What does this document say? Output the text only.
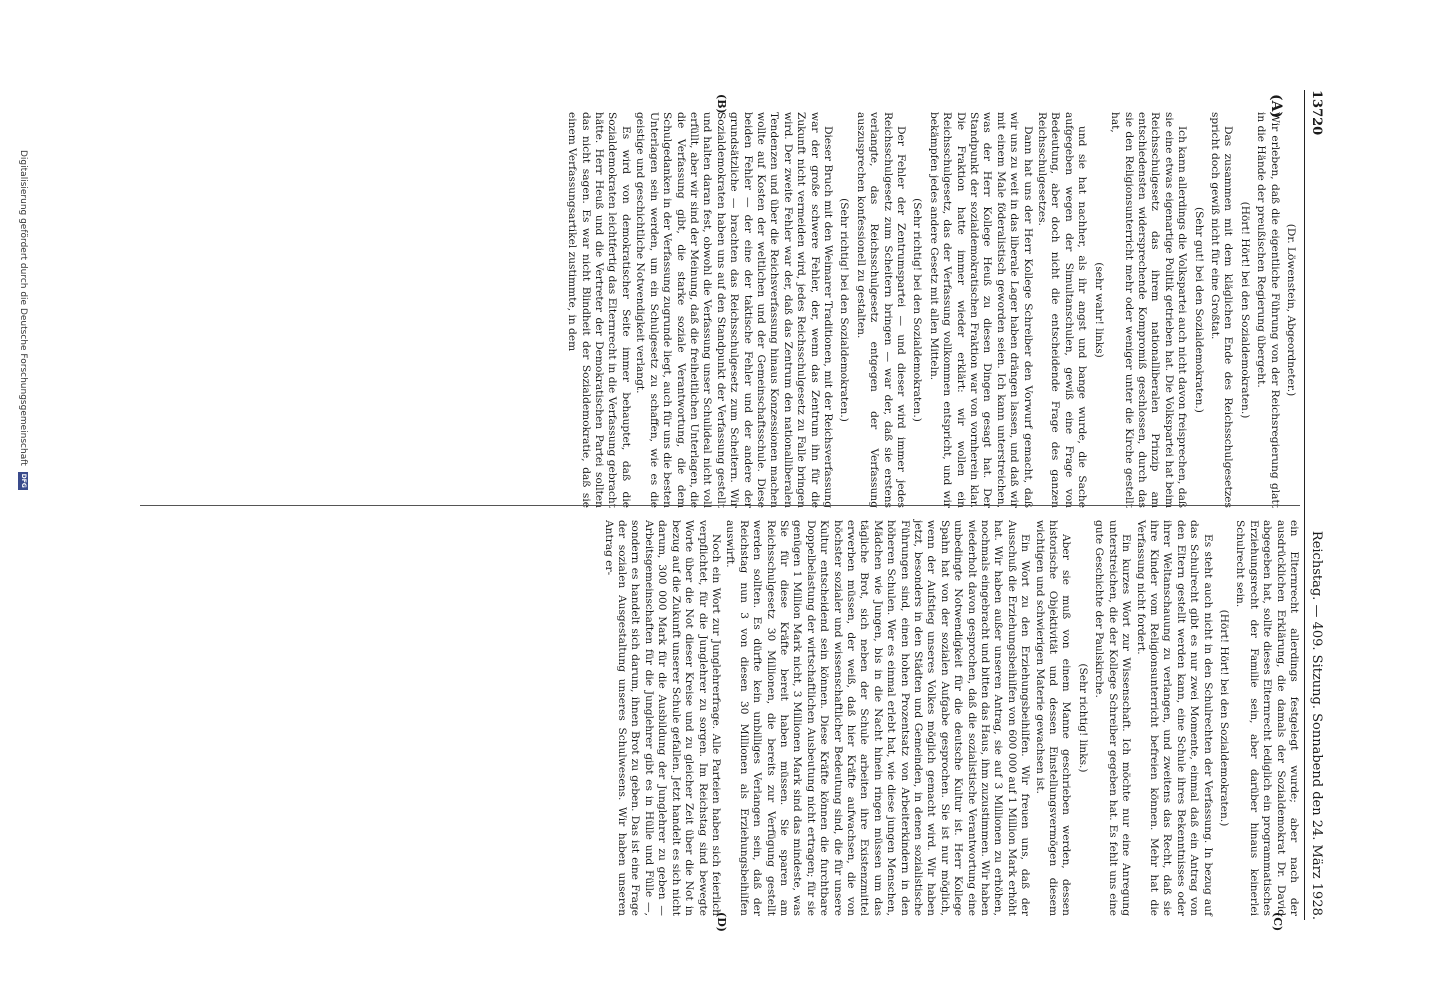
13720
Reichstag. — 409. Sitzung. Sonnabend den 24. März 1928.
(A)
(B)
(C)
(D)

(Dr. Löwenstein, Abgeordneter.)

Wir erleben, daß die eigentliche Führung von der Reichsregierung glatt in die Hände der preußischen Regierung übergeht.

(Hört! Hört! bei den Sozialdemokraten.)

Das zusammen mit dem kläglichen Ende des Reichsschulgesetzes spricht doch gewiß nicht für eine Großtat.

(Sehr gut! bei den Sozialdemokraten.)

Ich kann allerdings die Volkspartei auch nicht davon freisprechen, daß sie eine etwas eigenartige Politik getrieben hat. Die Volkspartei hat beim Reichsschulgesetz das ihrem nationalliberalen Prinzip am entschiedensten widersprechende Kompromiß geschlossen, durch das sie den Religionsunterricht mehr oder weniger unter die Kirche gestellt hat,

(sehr wahr! links)

und sie hat nachher, als ihr angst und bange wurde, die Sache aufgegeben wegen der Simultanschulen, gewiß eine Frage von Bedeutung, aber doch nicht die entscheidende Frage des ganzen Reichsschulgesetzes.

Dann hat uns der Herr Kollege Schreiber den Vorwurf gemacht, daß wir uns zu weit in das liberale Lager haben drängen lassen, und daß wir mit einem Male föderalistisch geworden seien. Ich kann unterstreichen, was der Herr Kollege Heuß zu diesen Dingen gesagt hat. Der Standpunkt der sozialdemokratischen Fraktion war von vornherein klar. Die Fraktion hatte immer wieder erklärt: wir wollen ein Reichsschulgesetz, das der Verfassung vollkommen entspricht, und wir bekämpfen jedes andere Gesetz mit allen Mitteln.

(Sehr richtig! bei den Sozialdemokraten.)

Der Fehler der Zentrumspartei — und dieser wird immer jedes Reichsschulgesetz zum Scheitern bringen — war der, daß sie erstens verlangte, das Reichsschulgesetz entgegen der Verfassung auszusprechen konfessionell zu gestalten.

(Sehr richtig! bei den Sozialdemokraten.)

Dieser Bruch mit den Weimarer Traditionen, mit der Reichsverfassung war der große schwere Fehler, der, wenn das Zentrum ihn für die Zukunft nicht vermeiden wird, jedes Reichsschulgesetz zu Falle bringen wird. Der zweite Fehler war der, daß das Zentrum den nationalliberalen Tendenzen und über die Reichsverfassung hinaus Konzessionen machen wollte auf Kosten der weltlichen und der Gemeinschaftsschule. Diese beiden Fehler — der eine der taktische Fehler und der andere der grundsätzliche — brachten das Reichsschulgesetz zum Scheitern. Wir Sozialdemokraten haben uns auf den Standpunkt der Verfassung gestellt und halten daran fest, obwohl die Verfassung unser Schulideal nicht voll erfüllt, aber wir sind der Meinung, daß die freiheitlichen Unterlagen, die die Verfassung gibt, die starke soziale Verantwortung, die dem Schulgedanken in der Verfassung zugrunde liegt, auch für uns die besten Unterlagen sein werden, um ein Schulgesetz zu schaffen, wie es die geistige und geschichtliche Notwendigkeit verlangt.

Es wird von demokratischer Seite immer behauptet, daß die Sozialdemokraten leichtfertig das Elternrecht in die Verfassung gebracht hätte. Herr Heuß und die Vertreter der Demokratischen Partei sollten das nicht sagen. Es war nicht Blindheit der Sozialdemokratie, daß sie einem Verfassungsartikel zustimmte, in dem

ein Elternrecht allerdings festgelegt wurde; aber nach der ausdrücklichen Erklärung, die damals der Sozialdemokrat Dr. David abgegeben hat, sollte dieses Elternrecht lediglich ein programmatisches Erziehungsrecht der Familie sein, aber darüber hinaus keinerlei Schulrecht sein.

(Hört! Hört! bei den Sozialdemokraten.)

Es steht auch nicht in den Schulrechten der Verfassung. In bezug auf das Schulrecht gibt es nur zwei Momente, einmal daß ein Antrag von den Eltern gestellt werden kann, eine Schule ihres Bekenntnisses oder ihrer Weltanschauung zu verlangen, und zweitens das Recht, daß sie ihre Kinder vom Religionsunterricht befreien können. Mehr hat die Verfassung nicht fordert.

Ein kurzes Wort zur Wissenschaft. Ich möchte nur eine Anregung unterstreichen, die der Kollege Schreiber gegeben hat. Es fehlt uns eine gute Geschichte der Paulskirche.

(Sehr richtig! links.)

Aber sie muß von einem Manne geschrieben werden, dessen historische Objektivität und dessen Einstellungsvermögen diesem wichtigen und schwierigen Materie gewachsen ist.

Ein Wort zu den Erziehungsbeihilfen. Wir freuen uns, daß der Ausschuß die Erziehungsbeihilfen von 600 000 auf 1 Million Mark erhöht hat. Wir haben außer unseren Antrag, sie auf 3 Millionen zu erhöhen, nochmals eingebracht und bitten das Haus, ihm zuzustimmen. Wir haben wiederholt davon gesprochen, daß die sozialistische Verantwortung eine unbedingte Notwendigkeit für die deutsche Kultur ist. Herr Kollege Spahn hat von der sozialen Aufgabe gesprochen. Sie ist nur möglich, wenn der Aufstieg unseres Volkes möglich gemacht wird. Wir haben jetzt, besonders in den Städten und Gemeinden, in denen sozialistische Führungen sind, einen hohen Prozentsatz von Arbeiterkindern in den höheren Schulen. Wer es einmal erlebt hat, wie diese jungen Menschen, Mädchen wie Jungen, bis in die Nacht hinein ringen müssen um das tägliche Brot, sich neben der Schule arbeiten ihre Existenzmittel erwerben müssen, der weiß, daß hier Kräfte aufwachsen, die von höchster sozialer und wissenschaftlicher Bedeutung sind, die für unsere Kultur entscheidend sein können. Diese Kräfte können die furchtbare Doppelbelastung der wirtschaftlichen Ausbeutung nicht ertragen; für sie genügen 1 Million Mark nicht, 3 Millionen Mark sind das mindeste, was Sie für diese Kräfte bereit haben müssen. Sie sparen am Reichsschulgesetz 30 Millionen, die bereits zur Verfügung gestellt werden sollten. Es dürfte kein unbilliges Verlangen sein, daß der Reichstag nun 3 von diesen 30 Millionen als Erziehungsbeihilfen auswirft.

Noch ein Wort zur Junglehrerfrage. Alle Parteien haben sich feierlich verpflichtet, für die Junglehrer zu sorgen. Im Reichstag sind bewegte Worte über die Not dieser Kreise und zu gleicher Zeit über die Not in bezug auf die Zukunft unserer Schule gefallen. Jetzt handelt es sich nicht darum, 300 000 Mark für die Ausbildung der Junglehrer zu geben — Arbeitsgemeinschaften für die Junglehrer gibt es in Hülle und Fülle —, sondern es handelt sich darum, ihnen Brot zu geben. Das ist eine Frage der sozialen Ausgestaltung unseres Schulwesens. Wir haben unseren Antrag er-

Digitalisierung gefördert durch die Deutsche Forschungsgemeinschaft
DFG
